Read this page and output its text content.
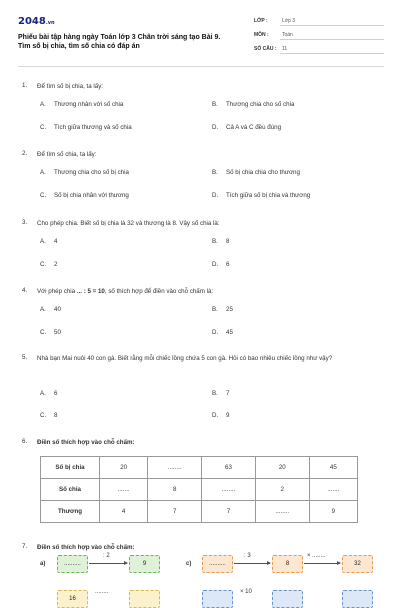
2048.vn
Phiếu bài tập hàng ngày Toán lớp 3 Chân trời sáng tạo Bài 9. Tìm số bị chia, tìm số chia có đáp án
LỚP :	Lớp 3
MÔN :	Toán
SỐ CÂU : 11
1.	Để tìm số bị chia, ta lấy:
A. Thương nhân với số chia	B. Thương chia cho số chia
C. Tích giữa thương và số chia	D. Cả A và C đều đúng
2.	Để tìm số chia, ta lấy:
A. Thương chia cho số bị chia	B. Số bị chia chia cho thương
C. Số bị chia nhân với thương	D. Tích giữa số bị chia và thương
3.	Cho phép chia. Biết số bị chia là 32 và thương là 8. Vậy số chia là:
A. 4	B. 8
C. 2	D. 6
4.	Với phép chia ... : 5 = 10, số thích hợp để điền vào chỗ chấm là:
A. 40	B. 25
C. 50	D. 45
5.	Nhà bạn Mai nuôi 40 con gà. Biết rằng mỗi chiếc lồng chứa 5 con gà. Hỏi có bao nhiêu chiếc lồng như vậy?
A. 6	B. 7
C. 8	D. 9
6.	Điền số thích hợp vào chỗ chấm:
Số bị chia	20	........	63	20	45
Số chia	.......	8	........	2	.......
Thương	4	7	7	........	9
7.	Điền số thích hợp vào chỗ chấm:
a)	..........
: 2
9	c)	..........
: 3
8
× ........
32
16
........	× 10
